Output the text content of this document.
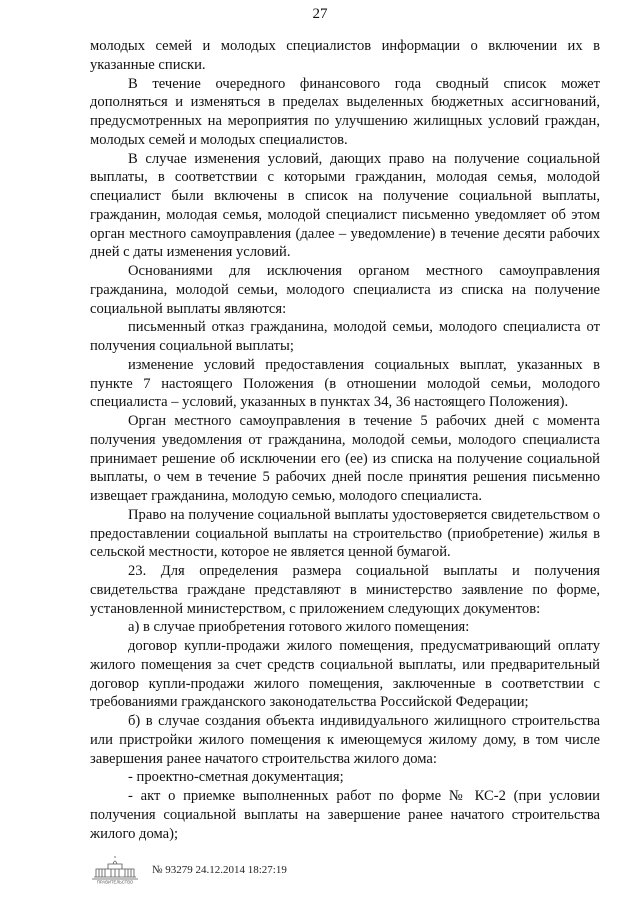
27

молодых семей и молодых специалистов информации о включении их в указанные списки.

В течение очередного финансового года сводный список может дополняться и изменяться в пределах выделенных бюджетных ассигнований, предусмотренных на мероприятия по улучшению жилищных условий граждан, молодых семей и молодых специалистов.

В случае изменения условий, дающих право на получение социальной выплаты, в соответствии с которыми гражданин, молодая семья, молодой специалист были включены в список на получение социальной выплаты, гражданин, молодая семья, молодой специалист письменно уведомляет об этом орган местного самоуправления (далее – уведомление) в течение десяти рабочих дней с даты изменения условий.

Основаниями для исключения органом местного самоуправления гражданина, молодой семьи, молодого специалиста из списка на получение социальной выплаты являются:

письменный отказ гражданина, молодой семьи, молодого специалиста от получения социальной выплаты;

изменение условий предоставления социальных выплат, указанных в пункте 7 настоящего Положения (в отношении молодой семьи, молодого специалиста – условий, указанных в пунктах 34, 36 настоящего Положения).

Орган местного самоуправления в течение 5 рабочих дней с момента получения уведомления от гражданина, молодой семьи, молодого специалиста принимает решение об исключении его (ее) из списка на получение социальной выплаты, о чем в течение 5 рабочих дней после принятия решения письменно извещает гражданина, молодую семью, молодого специалиста.

Право на получение социальной выплаты удостоверяется свидетельством о предоставлении социальной выплаты на строительство (приобретение) жилья в сельской местности, которое не является ценной бумагой.

23. Для определения размера социальной выплаты и получения свидетельства граждане представляют в министерство заявление по форме, установленной министерством, с приложением следующих документов:

а) в случае приобретения готового жилого помещения:

договор купли-продажи жилого помещения, предусматривающий оплату жилого помещения за счет средств социальной выплаты, или предварительный договор купли-продажи жилого помещения, заключенные в соответствии с требованиями гражданского законодательства Российской Федерации;

б) в случае создания объекта индивидуального жилищного строительства или пристройки жилого помещения к имеющемуся жилому дому, в том числе завершения ранее начатого строительства жилого дома:

- проектно-сметная документация;

- акт о приемке выполненных работ по форме № КС-2 (при условии получения социальной выплаты на завершение ранее начатого строительства жилого дома);

ПРАВИТЕЛЬСТВО
№ 93279 24.12.2014 18:27:19
